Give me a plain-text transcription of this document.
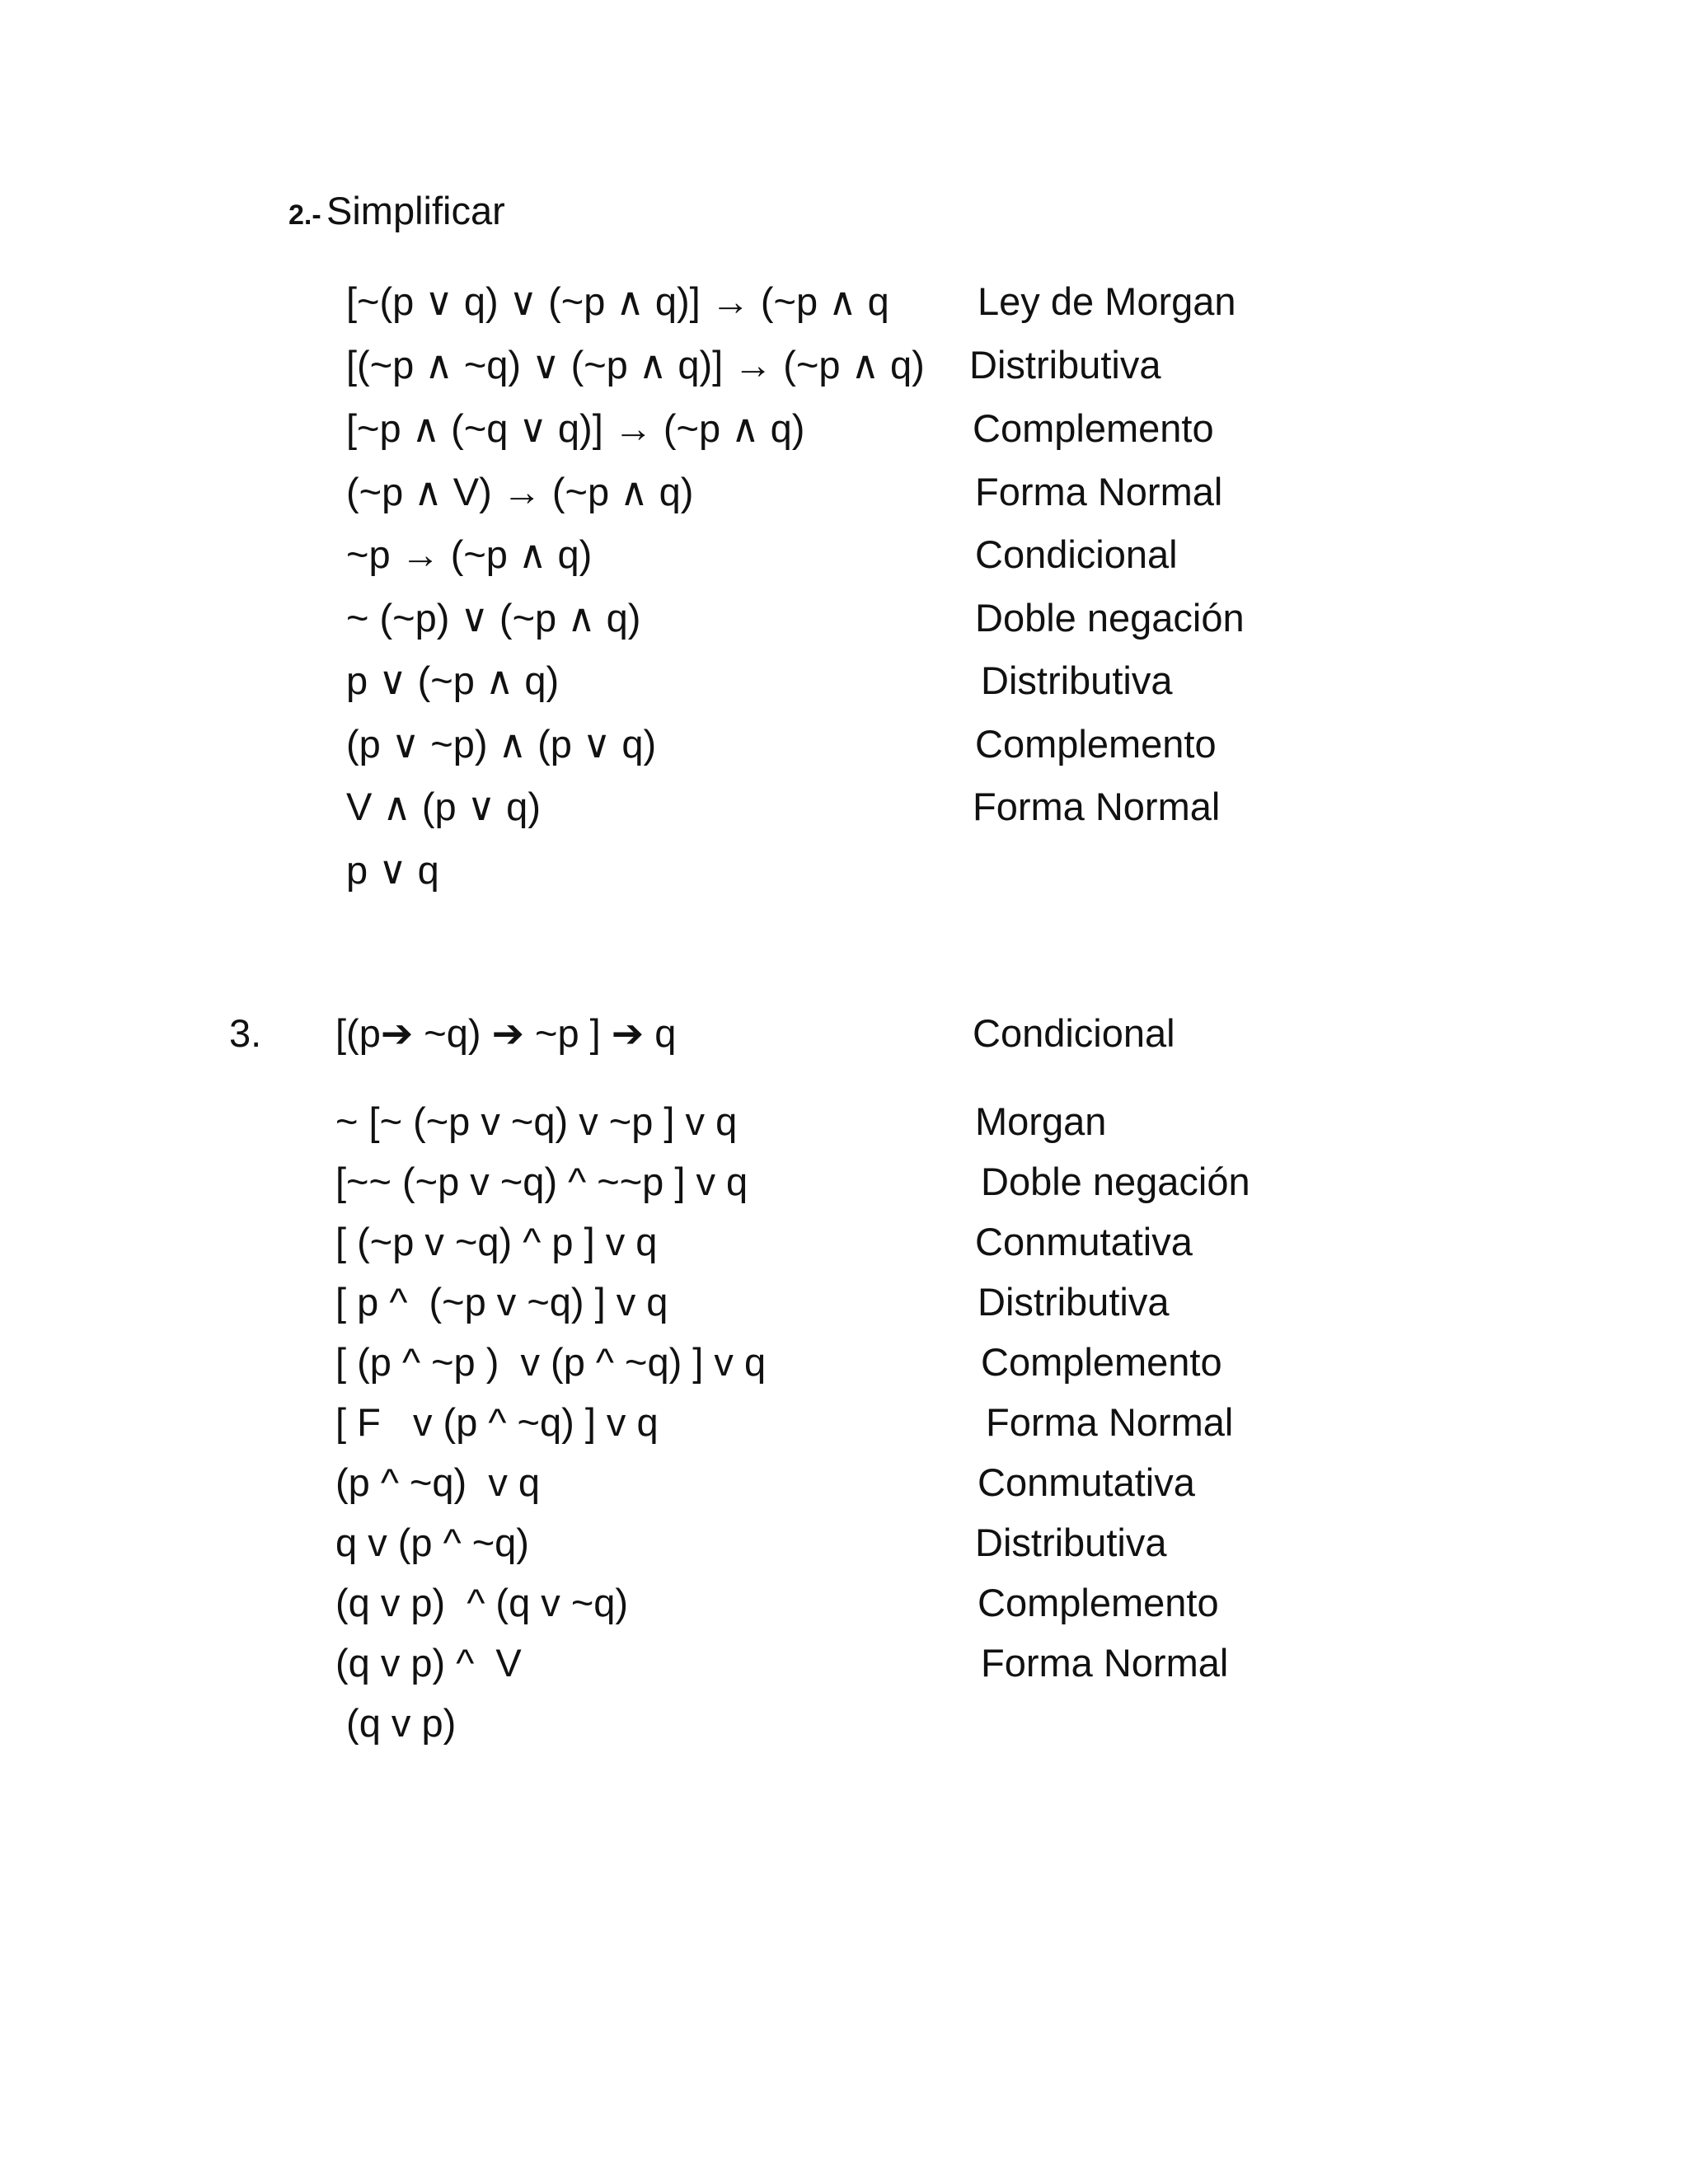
2.- Simplificar
[~(p ∨ q) ∨ (~p ∧ q)] → (~p ∧ q
[(~p ∧ ~q) ∨ (~p ∧ q)] → (~p ∧ q)
[~p ∧ (~q ∨ q)] → (~p ∧ q)
(~p ∧ V) → (~p ∧ q)
~p → (~p ∧ q)
~ (~p) ∨ (~p ∧ q)
p ∨ (~p ∧ q)
(p ∨ ~p) ∧ (p ∨ q)
V ∧ (p ∨ q)
p ∨ q
Ley de Morgan
Distributiva
Complemento
Forma Normal
Condicional
Doble negación
Distributiva
Complemento
Forma Normal
3. [(p➔ ~q) ➔ ~p ] ➔ q	Condicional
~ [~ (~p v ~q) v ~p ] v q
[~~ (~p v ~q) ^ ~~p ] v q
[ (~p v ~q) ^ p ] v q
[ p ^  (~p v ~q) ] v q
[ (p ^ ~p )  v (p ^ ~q) ] v q
[ F   v (p ^ ~q) ] v q
(p ^ ~q)  v q
q v (p ^ ~q)
(q v p)  ^ (q v ~q)
(q v p) ^  V
(q v p)
Morgan
Doble negación
Conmutativa
Distributiva
Complemento
Forma Normal
Conmutativa
Distributiva
Complemento
Forma Normal
